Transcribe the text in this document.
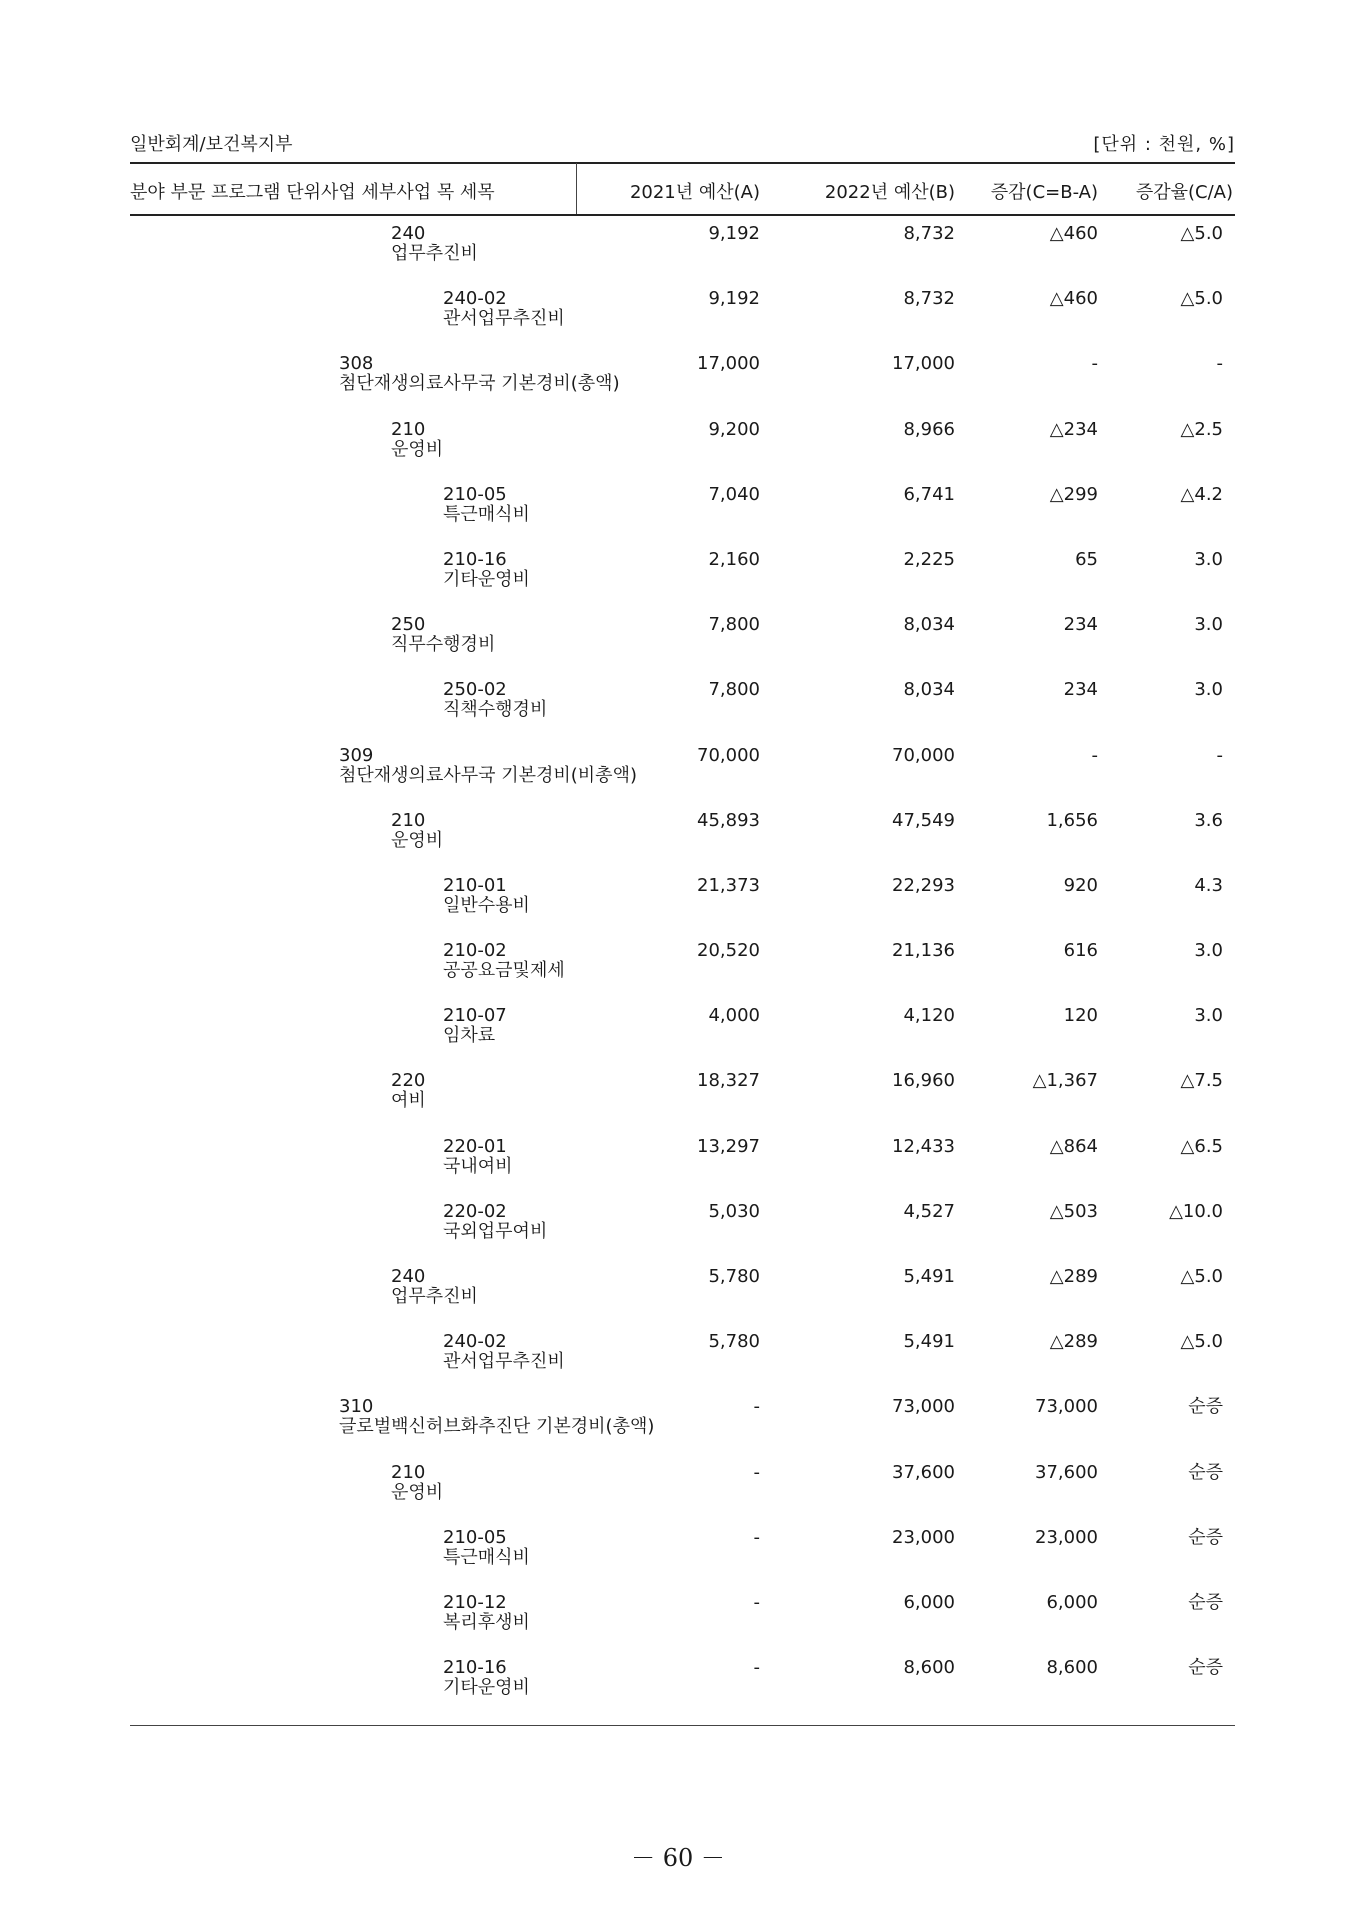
일반회계/보건복지부	[단위 : 천원, %]
분야 부문 프로그램 단위사업 세부사업 목 세목	2021년 예산(A)	2022년 예산(B) 증감(C=B-A) 증감율(C/A)
240
업무추진비
9,192	8,732	△460	△5.0
240-02
관서업무추진비
9,192	8,732	△460	△5.0
308
첨단재생의료사무국 기본경비(총액)
17,000	17,000	-	-
210
운영비
9,200	8,966	△234	△2.5
210-05
특근매식비
7,040	6,741	△299	△4.2
210-16
기타운영비
2,160	2,225	65	3.0
250
직무수행경비
7,800	8,034	234	3.0
250-02
직책수행경비
7,800	8,034	234	3.0
309
첨단재생의료사무국 기본경비(비총액)
70,000	70,000	-	-
210
운영비
45,893	47,549	1,656	3.6
210-01
일반수용비
21,373	22,293	920	4.3
210-02
공공요금및제세
20,520	21,136	616	3.0
210-07
임차료
4,000	4,120	120	3.0
220
여비
18,327	16,960	△1,367	△7.5
220-01
국내여비
13,297	12,433	△864	△6.5
220-02
국외업무여비
5,030	4,527	△503	△10.0
240
업무추진비
5,780	5,491	△289	△5.0
240-02
관서업무추진비
5,780	5,491	△289	△5.0
310
글로벌백신허브화추진단 기본경비(총액)
-	73,000	73,000	순증
210
운영비
-	37,600	37,600	순증
210-05
특근매식비
-	23,000	23,000	순증
210-12
복리후생비
-	6,000	6,000	순증
210-16
기타운영비
-	8,600	8,600	순증
－ 60 －
